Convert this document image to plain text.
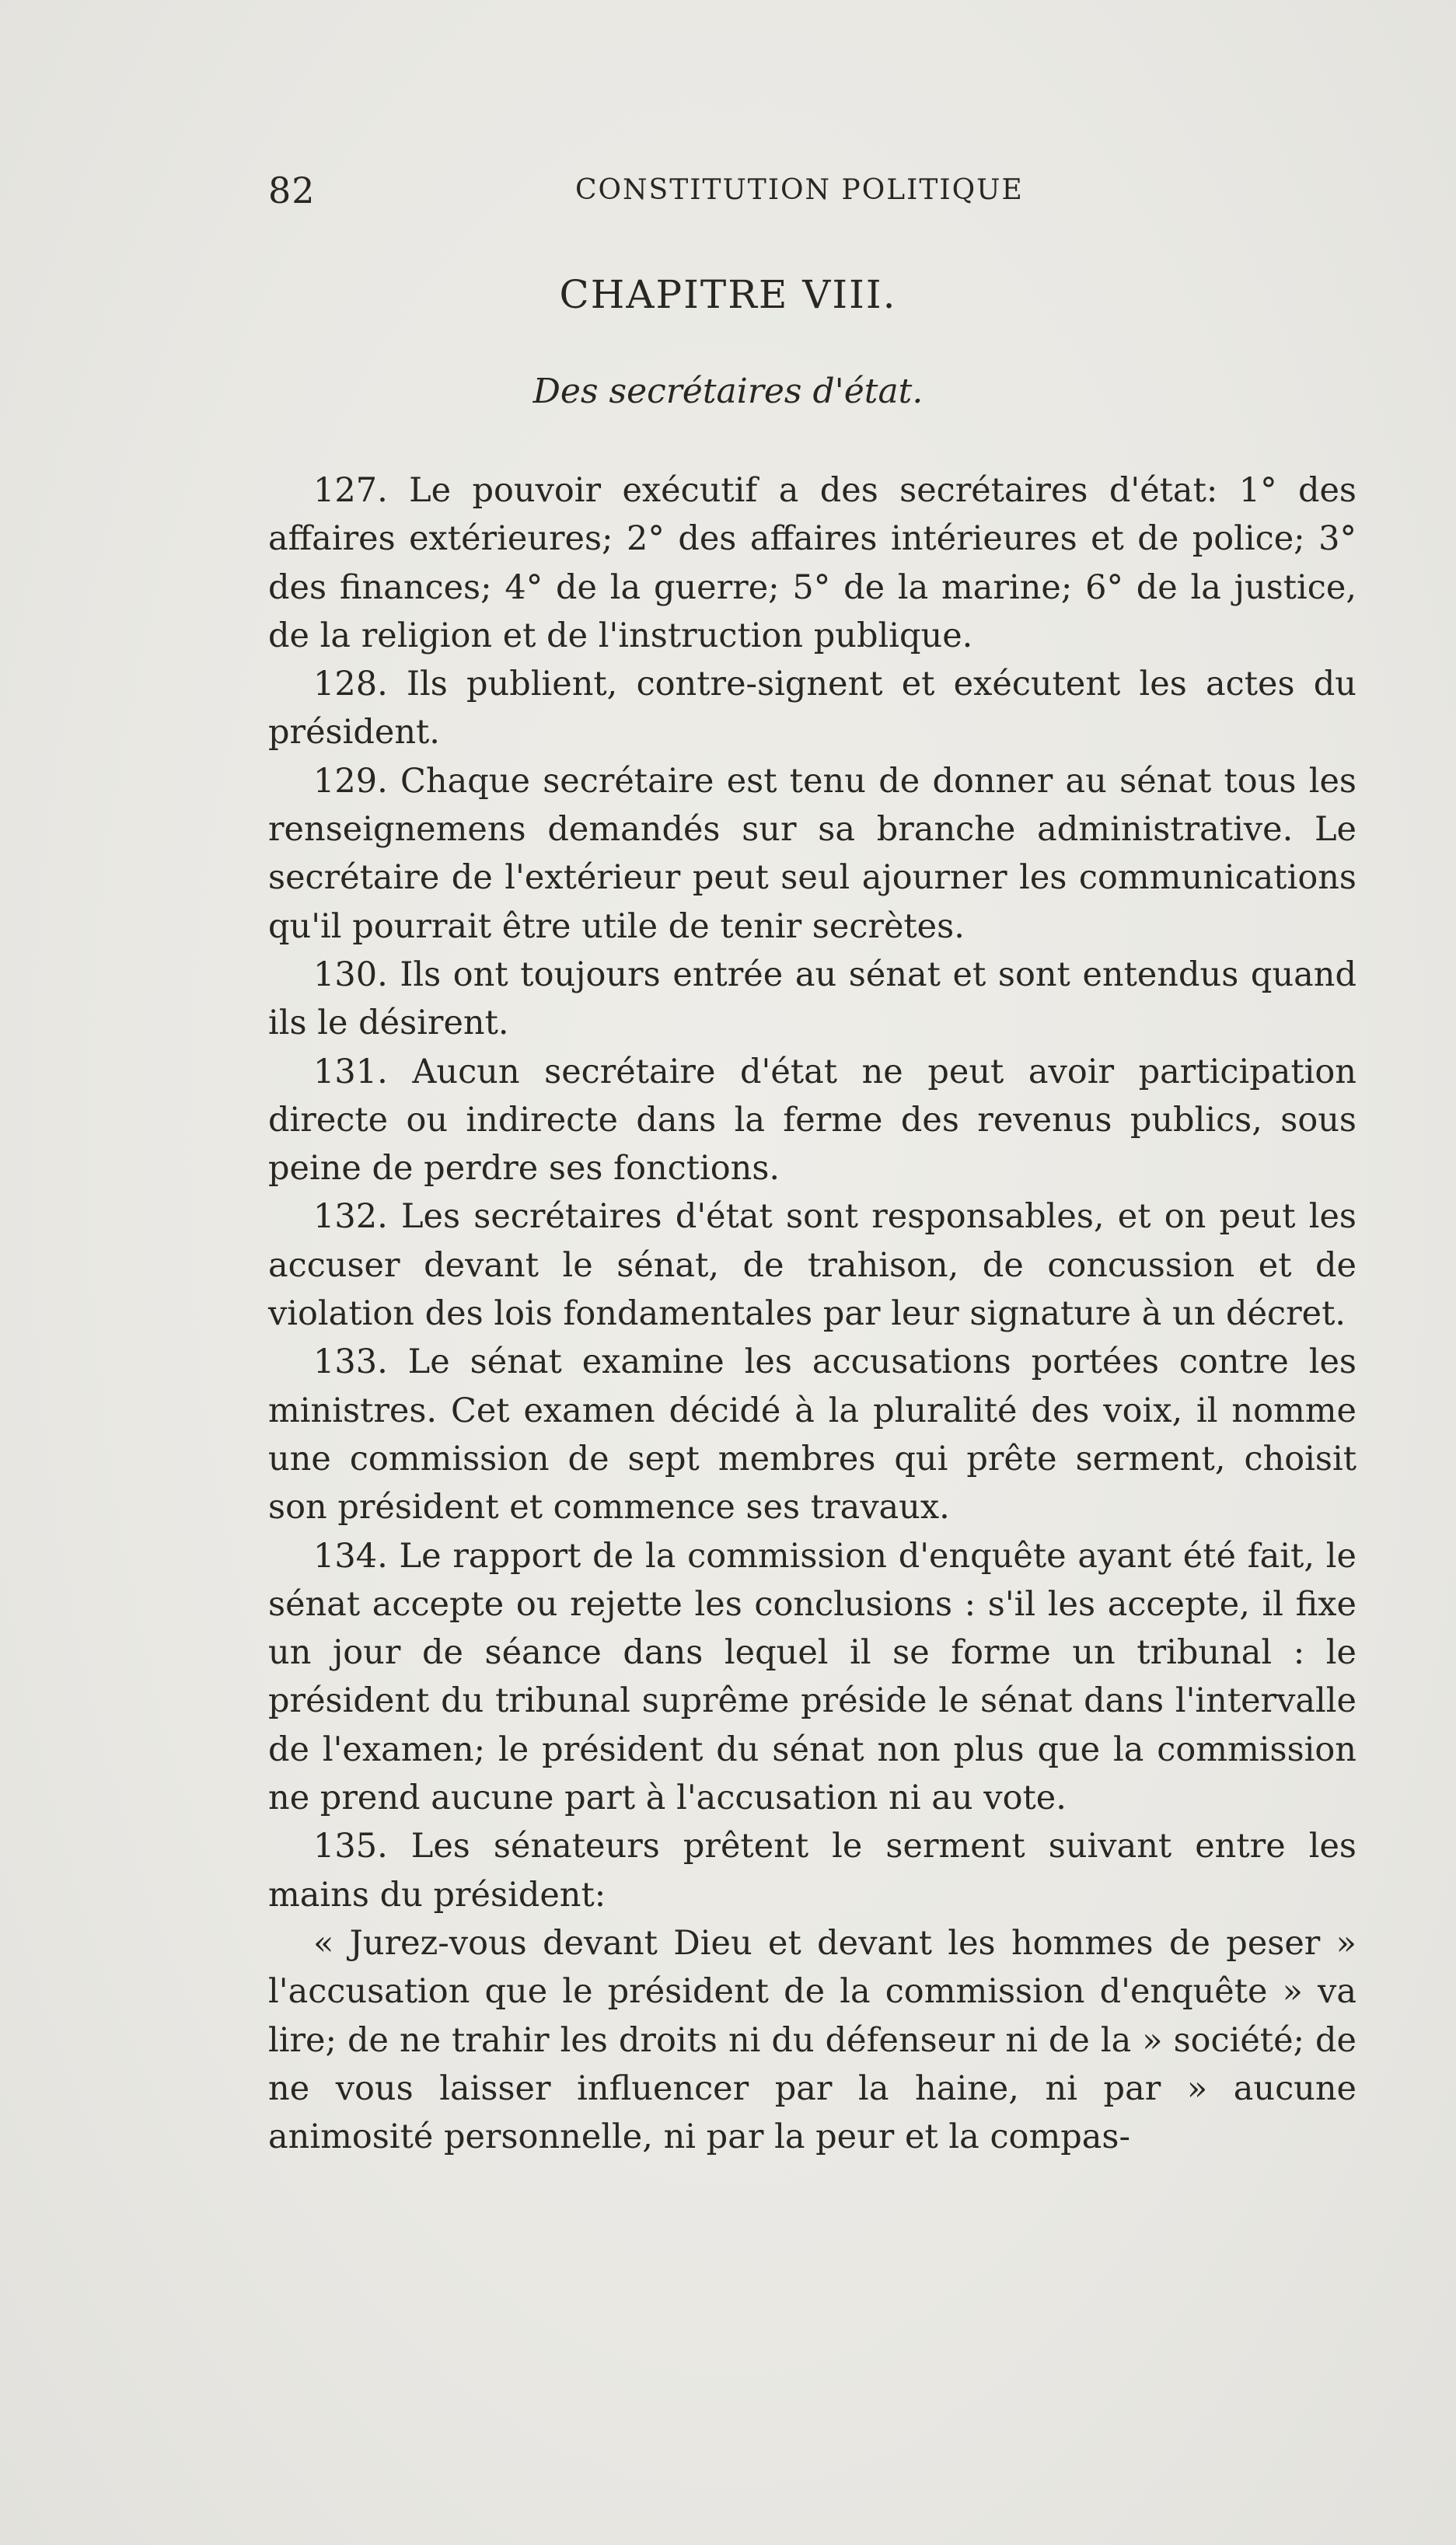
82	CONSTITUTION POLITIQUE
CHAPITRE VIII.
Des secrétaires d'état.

127. Le pouvoir exécutif a des secrétaires d'état: 1° des affaires extérieures; 2° des affaires intérieures et de police; 3° des finances; 4° de la guerre; 5° de la marine; 6° de la justice, de la religion et de l'instruction publique.

128. Ils publient, contre-signent et exécutent les actes du président.

129. Chaque secrétaire est tenu de donner au sénat tous les renseignemens demandés sur sa branche administrative. Le secrétaire de l'extérieur peut seul ajourner les communications qu'il pourrait être utile de tenir secrètes.

130. Ils ont toujours entrée au sénat et sont entendus quand ils le désirent.

131. Aucun secrétaire d'état ne peut avoir participation directe ou indirecte dans la ferme des revenus publics, sous peine de perdre ses fonctions.

132. Les secrétaires d'état sont responsables, et on peut les accuser devant le sénat, de trahison, de concussion et de violation des lois fondamentales par leur signature à un décret.

133. Le sénat examine les accusations portées contre les ministres. Cet examen décidé à la pluralité des voix, il nomme une commission de sept membres qui prête serment, choisit son président et commence ses travaux.

134. Le rapport de la commission d'enquête ayant été fait, le sénat accepte ou rejette les conclusions : s'il les accepte, il fixe un jour de séance dans lequel il se forme un tribunal : le président du tribunal suprême préside le sénat dans l'intervalle de l'examen; le président du sénat non plus que la commission ne prend aucune part à l'accusation ni au vote.

135. Les sénateurs prêtent le serment suivant entre les mains du président:

« Jurez-vous devant Dieu et devant les hommes de peser » l'accusation que le président de la commission d'enquête » va lire; de ne trahir les droits ni du défenseur ni de la » société; de ne vous laisser influencer par la haine, ni par » aucune animosité personnelle, ni par la peur et la compas-
